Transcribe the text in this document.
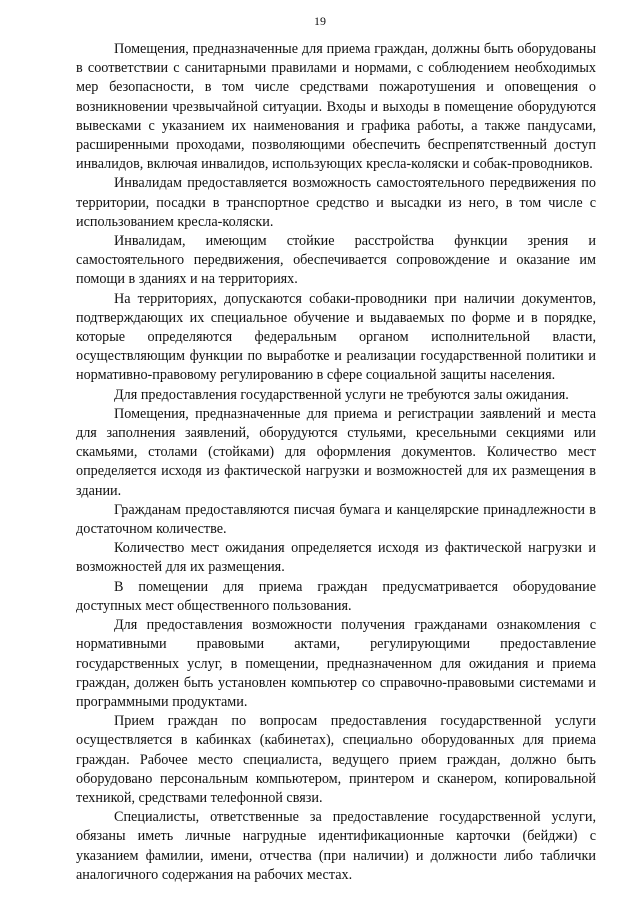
19

Помещения, предназначенные для приема граждан, должны быть оборудованы в соответствии с санитарными правилами и нормами, с соблюдением необходимых мер безопасности, в том числе средствами пожаротушения и оповещения о возникновении чрезвычайной ситуации. Входы и выходы в помещение оборудуются вывесками с указанием их наименования и графика работы, а также пандусами, расширенными проходами, позволяющими обеспечить беспрепятственный доступ инвалидов, включая инвалидов, использующих кресла-коляски и собак-проводников.

Инвалидам предоставляется возможность самостоятельного передвижения по территории, посадки в транспортное средство и высадки из него, в том числе с использованием кресла-коляски.

Инвалидам, имеющим стойкие расстройства функции зрения и самостоятельного передвижения, обеспечивается сопровождение и оказание им помощи в зданиях и на территориях.

На территориях, допускаются собаки-проводники при наличии документов, подтверждающих их специальное обучение и выдаваемых по форме и в порядке, которые определяются федеральным органом исполнительной власти, осуществляющим функции по выработке и реализации государственной политики и нормативно-правовому регулированию в сфере социальной защиты населения.

Для предоставления государственной услуги не требуются залы ожидания.

Помещения, предназначенные для приема и регистрации заявлений и места для заполнения заявлений, оборудуются стульями, кресельными секциями или скамьями, столами (стойками) для оформления документов. Количество мест определяется исходя из фактической нагрузки и возможностей для их размещения в здании.

Гражданам предоставляются писчая бумага и канцелярские принадлежности в достаточном количестве.

Количество мест ожидания определяется исходя из фактической нагрузки и возможностей для их размещения.

В помещении для приема граждан предусматривается оборудование доступных мест общественного пользования.

Для предоставления возможности получения гражданами ознакомления с нормативными правовыми актами, регулирующими предоставление государственных услуг, в помещении, предназначенном для ожидания и приема граждан, должен быть установлен компьютер со справочно-правовыми системами и программными продуктами.

Прием граждан по вопросам предоставления государственной услуги осуществляется в кабинках (кабинетах), специально оборудованных для приема граждан. Рабочее место специалиста, ведущего прием граждан, должно быть оборудовано персональным компьютером, принтером и сканером, копировальной техникой, средствами телефонной связи.

Специалисты, ответственные за предоставление государственной услуги, обязаны иметь личные нагрудные идентификационные карточки (бейджи) с указанием фамилии, имени, отчества (при наличии) и должности либо таблички аналогичного содержания на рабочих местах.
